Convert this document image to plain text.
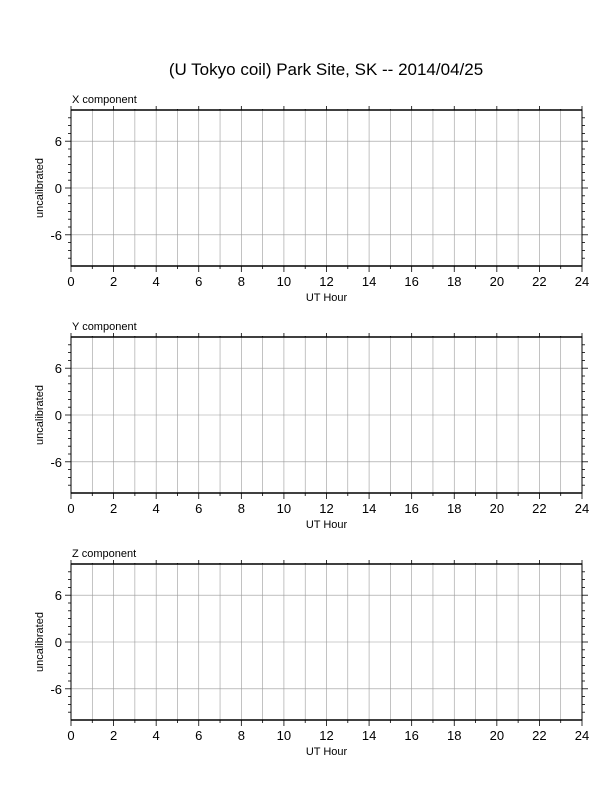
(U Tokyo coil) Park Site, SK -- 2014/04/25
0	2	4	6	8 10 12 14 16 18 20 22 24
6
0
-6
X component
UT Hour
uncalibrated
0	2	4	6	8 10 12 14 16 18 20 22 24
6
0
-6
Y component
UT Hour
uncalibrated
0	2	4	6	8 10 12 14 16 18 20 22 24
6
0
-6
Z component
UT Hour
uncalibrated
